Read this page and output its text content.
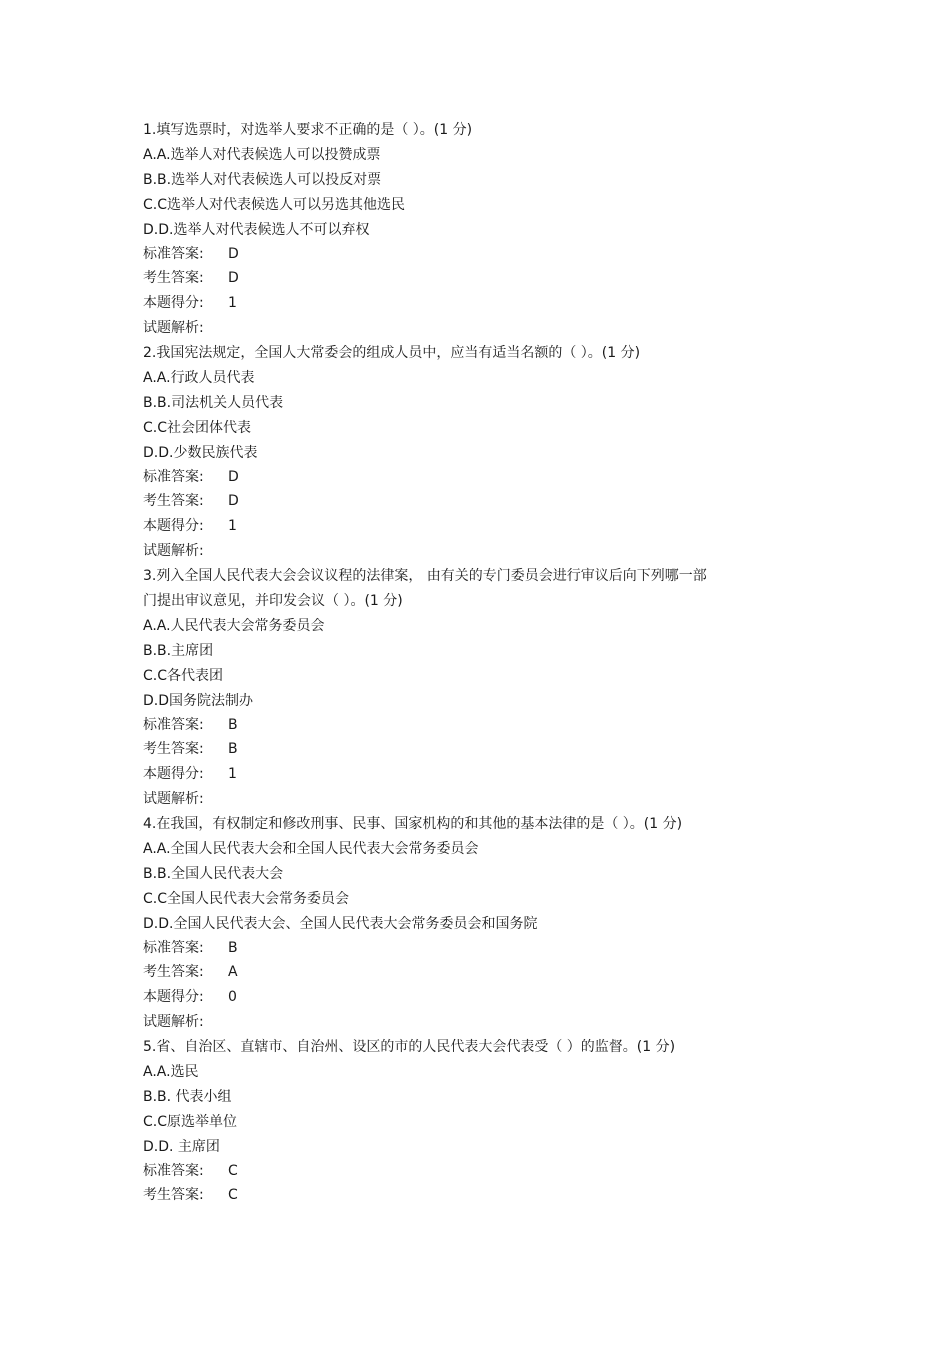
1.填写选票时，对选举人要求不正确的是（ ）。(1 分)
A.A.选举人对代表候选人可以投赞成票
B.B.选举人对代表候选人可以投反对票
C.C选举人对代表候选人可以另选其他选民
D.D.选举人对代表候选人不可以弃权
标准答案:	D
考生答案:	D
本题得分:	1
试题解析:
2.我国宪法规定，全国人大常委会的组成人员中，应当有适当名额的（ ）。(1 分)
A.A.行政人员代表
B.B.司法机关人员代表
C.C社会团体代表
D.D.少数民族代表
标准答案:	D
考生答案:	D
本题得分:	1
试题解析:
3.列入全国人民代表大会会议议程的法律案， 由有关的专门委员会进行审议后向下列哪一部
门提出审议意见，并印发会议（ ）。(1 分)
A.A.人民代表大会常务委员会
B.B.主席团
C.C各代表团
D.D国务院法制办
标准答案:	B
考生答案:	B
本题得分:	1
试题解析:
4.在我国，有权制定和修改刑事、民事、国家机构的和其他的基本法律的是（ ）。(1 分)
A.A.全国人民代表大会和全国人民代表大会常务委员会
B.B.全国人民代表大会
C.C全国人民代表大会常务委员会
D.D.全国人民代表大会、全国人民代表大会常务委员会和国务院
标准答案:	B
考生答案:	A
本题得分:	0
试题解析:
5.省、自治区、直辖市、自治州、设区的市的人民代表大会代表受（ ）的监督。(1 分)
A.A.选民
B.B. 代表小组
C.C原选举单位
D.D. 主席团
标准答案:	C
考生答案:	C
